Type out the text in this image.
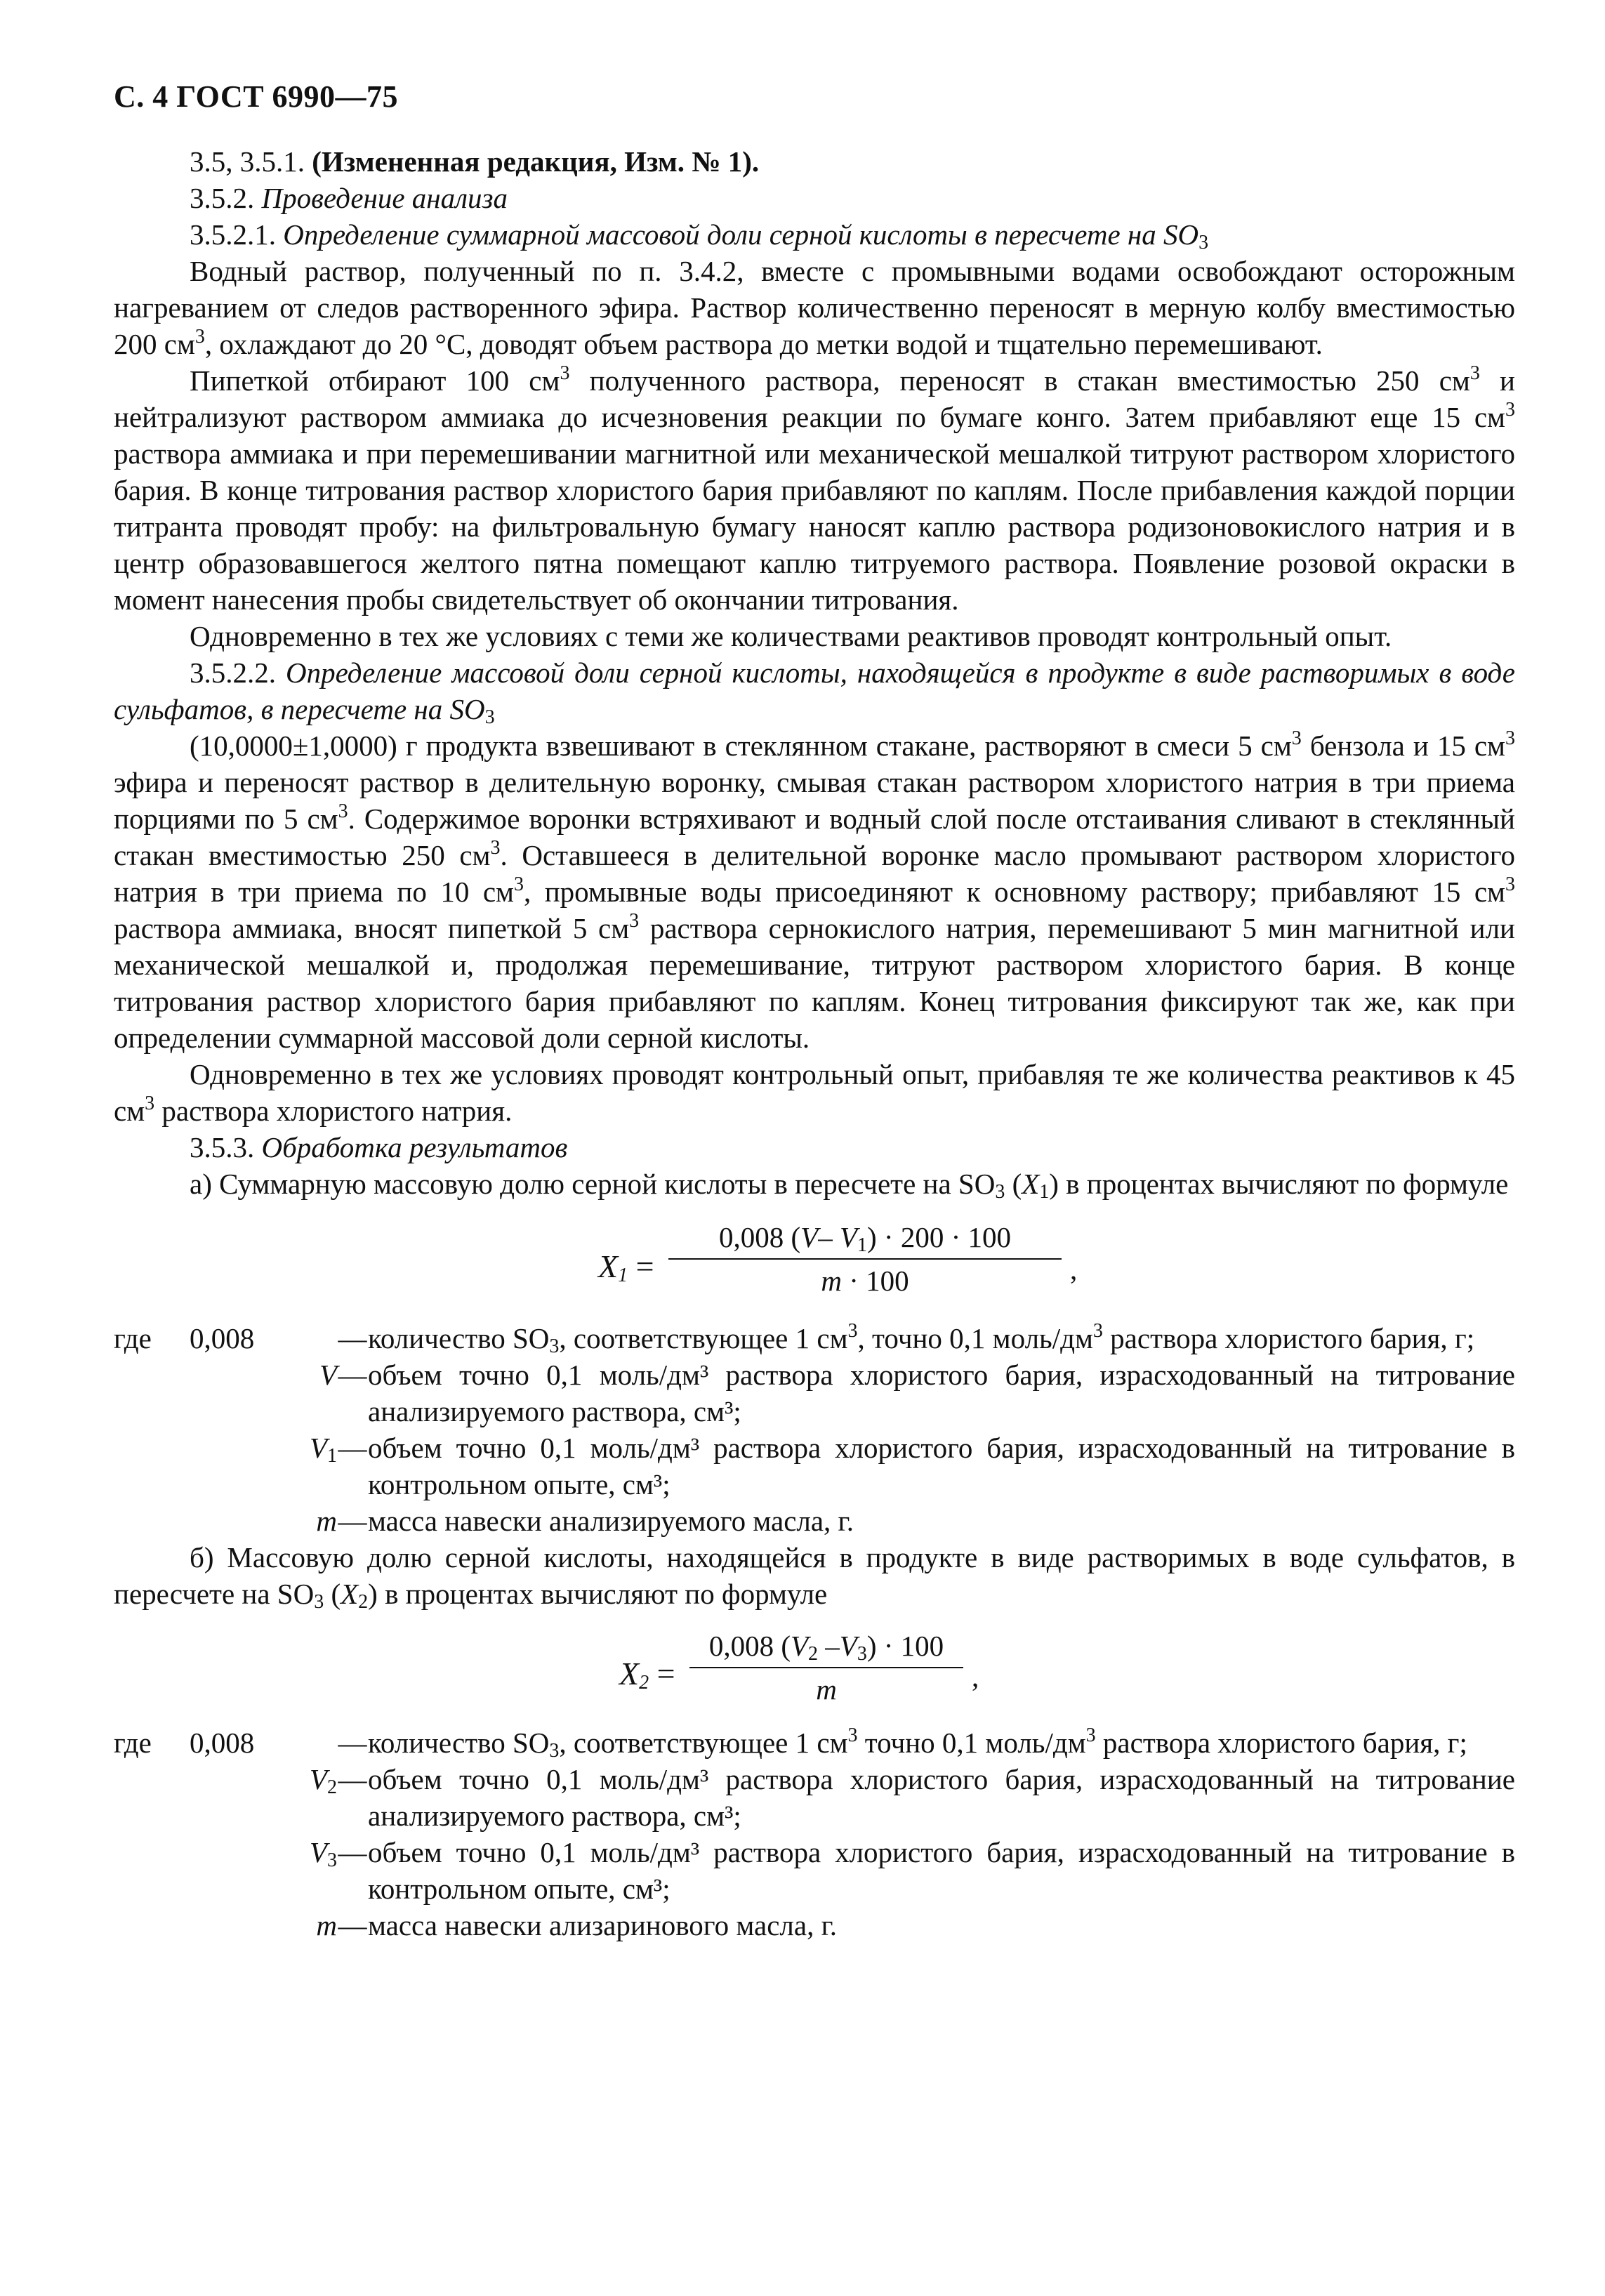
С. 4 ГОСТ 6990—75

3.5, 3.5.1. (Измененная редакция, Изм. № 1).

3.5.2. Проведение анализа

3.5.2.1. Определение суммарной массовой доли серной кислоты в пересчете на $SO_3$

Водный раствор, полученный по п. 3.4.2, вместе с промывными водами освобождают осторожным нагреванием от следов растворенного эфира. Раствор количественно переносят в мерную колбу вместимостью 200 $см^3$, охлаждают до 20 °С, доводят объем раствора до метки водой и тщательно перемешивают.

Пипеткой отбирают 100 $см^3$ полученного раствора, переносят в стакан вместимостью 250 $см^3$ и нейтрализуют раствором аммиака до исчезновения реакции по бумаге конго. Затем прибавляют еще 15 $см^3$ раствора аммиака и при перемешивании магнитной или механической мешалкой титруют раствором хлористого бария. В конце титрования раствор хлористого бария прибавляют по каплям. После прибавления каждой порции титранта проводят пробу: на фильтровальную бумагу наносят каплю раствора родизоновокислого натрия и в центр образовавшегося желтого пятна помещают каплю титруемого раствора. Появление розовой окраски в момент нанесения пробы свидетельствует об окончании титрования.

Одновременно в тех же условиях с теми же количествами реактивов проводят контрольный опыт.

3.5.2.2. Определение массовой доли серной кислоты, находящейся в продукте в виде растворимых в воде сульфатов, в пересчете на $SO_3$

(10,0000±1,0000) г продукта взвешивают в стеклянном стакане, растворяют в смеси 5 $см^3$ бензола и 15 $см^3$ эфира и переносят раствор в делительную воронку, смывая стакан раствором хлористого натрия в три приема порциями по 5 $см^3$. Содержимое воронки встряхивают и водный слой после отстаивания сливают в стеклянный стакан вместимостью 250 $см^3$. Оставшееся в делительной воронке масло промывают раствором хлористого натрия в три приема по 10 $см^3$, промывные воды присоединяют к основному раствору; прибавляют 15 $см^3$ раствора аммиака, вносят пипеткой 5 $см^3$ раствора сернокислого натрия, перемешивают 5 мин магнитной или механической мешалкой и, продолжая перемешивание, титруют раствором хлористого бария. В конце титрования раствор хлористого бария прибавляют по каплям. Конец титрования фиксируют так же, как при определении суммарной массовой доли серной кислоты.

Одновременно в тех же условиях проводят контрольный опыт, прибавляя те же количества реактивов к 45 $см^3$ раствора хлористого натрия.

3.5.3. Обработка результатов

а) Суммарную массовую долю серной кислоты в пересчете на $SO_3$ $(X_1)$ в процентах вычисляют по формуле

$X_1 = \frac{0,008 (V- V_1) \cdot 200 \cdot 100}{m \cdot 100}$ ,
где	0,008	— количество $SO_3$, соответствующее 1 $см^3$, точно 0,1 моль/$дм^3$ раствора хлористого бария, г;
V — объем точно 0,1 моль/дм³ раствора хлористого бария, израсходованный на титрование анализируемого раствора, см³;
$V_1$ — объем точно 0,1 моль/дм³ раствора хлористого бария, израсходованный на титрование в контрольном опыте, см³;
m — масса навески анализируемого масла, г.

б) Массовую долю серной кислоты, находящейся в продукте в виде растворимых в воде сульфатов, в пересчете на $SO_3$ $(X_2)$ в процентах вычисляют по формуле

$X_2 = \frac{0,008 (V_2 -V_3) \cdot 100}{m}$ ,
где	0,008	— количество $SO_3$, соответствующее 1 $см^3$ точно 0,1 моль/$дм^3$ раствора хлористого бария, г;
$V_2$ — объем точно 0,1 моль/дм³ раствора хлористого бария, израсходованный на титрование анализируемого раствора, см³;
$V_3$ — объем точно 0,1 моль/дм³ раствора хлористого бария, израсходованный на титрование в контрольном опыте, см³;
m — масса навески ализаринового масла, г.
